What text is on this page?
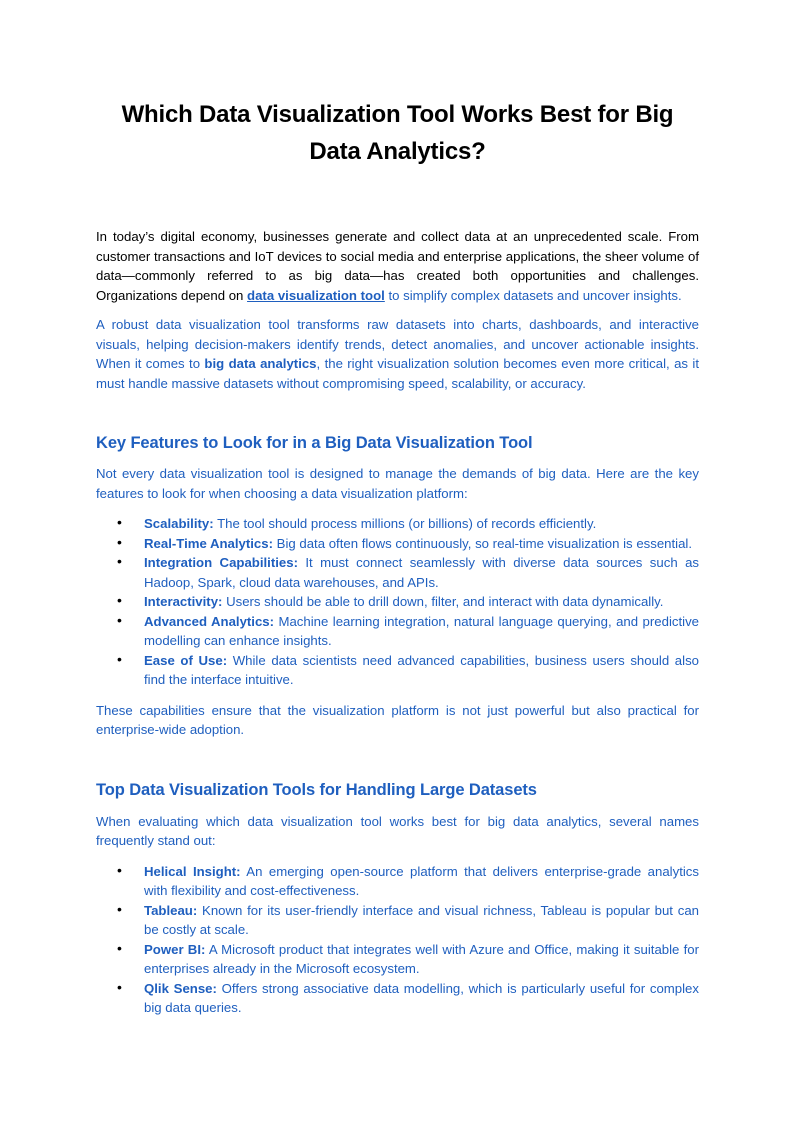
Which Data Visualization Tool Works Best for Big Data Analytics?

In today’s digital economy, businesses generate and collect data at an unprecedented scale. From customer transactions and IoT devices to social media and enterprise applications, the sheer volume of data—commonly referred to as big data—has created both opportunities and challenges. Organizations depend on data visualization tool to simplify complex datasets and uncover insights.

A robust data visualization tool transforms raw datasets into charts, dashboards, and interactive visuals, helping decision-makers identify trends, detect anomalies, and uncover actionable insights. When it comes to big data analytics, the right visualization solution becomes even more critical, as it must handle massive datasets without compromising speed, scalability, or accuracy.

Key Features to Look for in a Big Data Visualization Tool

Not every data visualization tool is designed to manage the demands of big data. Here are the key features to look for when choosing a data visualization platform:

• Scalability: The tool should process millions (or billions) of records efficiently.
• Real-Time Analytics: Big data often flows continuously, so real-time visualization is essential.
• Integration Capabilities: It must connect seamlessly with diverse data sources such as Hadoop, Spark, cloud data warehouses, and APIs.
• Interactivity: Users should be able to drill down, filter, and interact with data dynamically.
• Advanced Analytics: Machine learning integration, natural language querying, and predictive modelling can enhance insights.
• Ease of Use: While data scientists need advanced capabilities, business users should also find the interface intuitive.

These capabilities ensure that the visualization platform is not just powerful but also practical for enterprise-wide adoption.

Top Data Visualization Tools for Handling Large Datasets

When evaluating which data visualization tool works best for big data analytics, several names frequently stand out:

• Helical Insight: An emerging open-source platform that delivers enterprise-grade analytics with flexibility and cost-effectiveness.
• Tableau: Known for its user-friendly interface and visual richness, Tableau is popular but can be costly at scale.
• Power BI: A Microsoft product that integrates well with Azure and Office, making it suitable for enterprises already in the Microsoft ecosystem.
• Qlik Sense: Offers strong associative data modelling, which is particularly useful for complex big data queries.
